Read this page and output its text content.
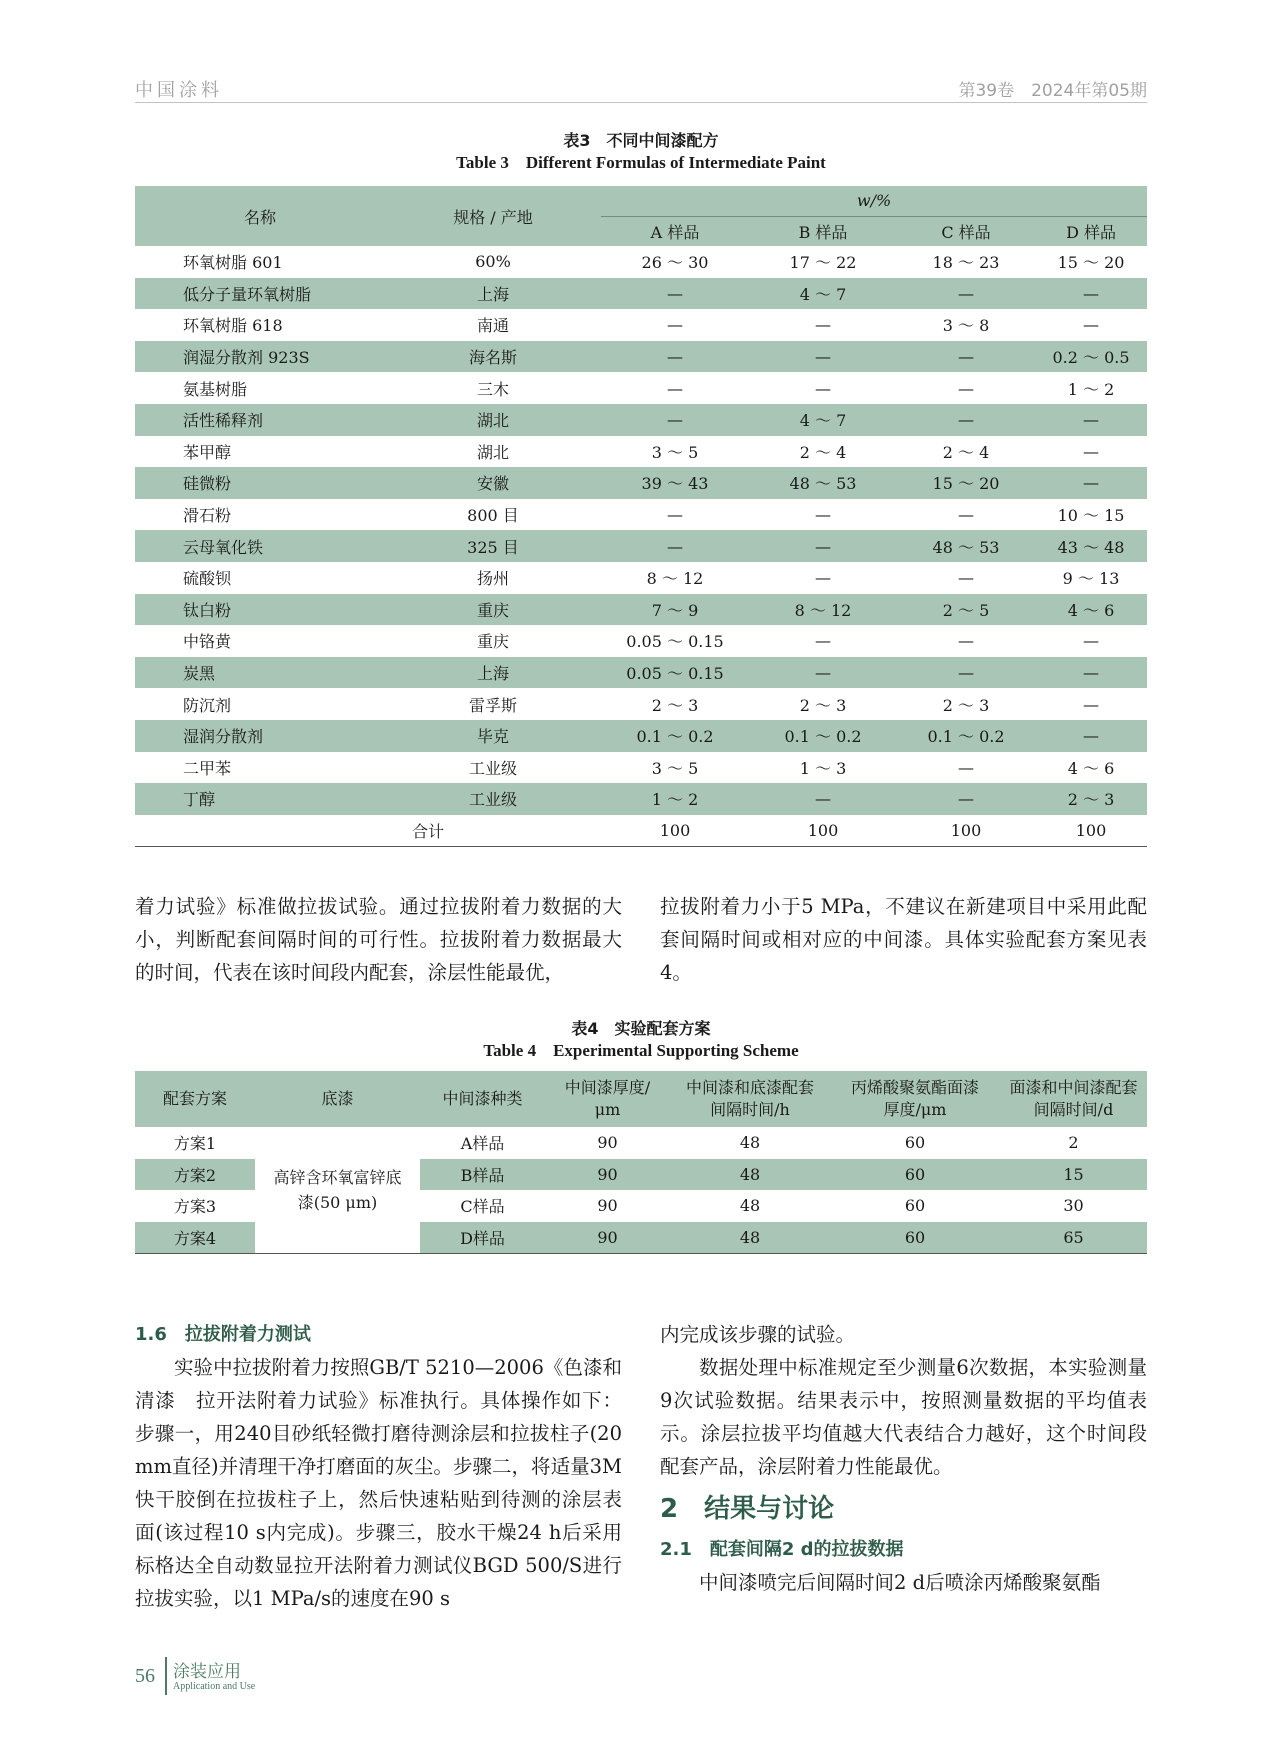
中国涂料	第39卷　2024年第05期
表3　不同中间漆配方
Table 3　Different Formulas of Intermediate Paint
名称	规格 / 产地	w/%			
		A 样品	B 样品	C 样品	D 样品
环氧树脂 601	60%	26 ～ 30	17 ～ 22	18 ～ 23	15 ～ 20
低分子量环氧树脂	上海	—	4 ～ 7	—	—
环氧树脂 618	南通	—	—	3 ～ 8	—
润湿分散剂 923S	海名斯	—	—	—	0.2 ～ 0.5
氨基树脂	三木	—	—	—	1 ～ 2
活性稀释剂	湖北	—	4 ～ 7	—	—
苯甲醇	湖北	3 ～ 5	2 ～ 4	2 ～ 4	—
硅微粉	安徽	39 ～ 43	48 ～ 53	15 ～ 20	—
滑石粉	800 目	—	—	—	10 ～ 15
云母氧化铁	325 目	—	—	48 ～ 53	43 ～ 48
硫酸钡	扬州	8 ～ 12	—	—	9 ～ 13
钛白粉	重庆	7 ～ 9	8 ～ 12	2 ～ 5	4 ～ 6
中铬黄	重庆	0.05 ～ 0.15	—	—	—
炭黑	上海	0.05 ～ 0.15	—	—	—
防沉剂	雷孚斯	2 ～ 3	2 ～ 3	2 ～ 3	—
湿润分散剂	毕克	0.1 ～ 0.2	0.1 ～ 0.2	0.1 ～ 0.2	—
二甲苯	工业级	3 ～ 5	1 ～ 3	—	4 ～ 6
丁醇	工业级	1 ～ 2	—	—	2 ～ 3
合计		100	100	100	100

着力试验》标准做拉拔试验。通过拉拔附着力数据的大小，判断配套间隔时间的可行性。拉拔附着力数据最大的时间，代表在该时间段内配套，涂层性能最优，

拉拔附着力小于5 MPa，不建议在新建项目中采用此配套间隔时间或相对应的中间漆。具体实验配套方案见表4。

表4　实验配套方案
Table 4　Experimental Supporting Scheme
配套方案	底漆	中间漆种类	中间漆厚度/μm	中间漆和底漆配套间隔时间/h	丙烯酸聚氨酯面漆厚度/μm	面漆和中间漆配套间隔时间/d
方案1	高锌含环氧富锌底漆(50 μm)	A样品	90	48	60	2
方案2		B样品	90	48	60	15
方案3		C样品	90	48	60	30
方案4		D样品	90	48	60	65
1.6　拉拔附着力测试

实验中拉拔附着力按照GB/T 5210—2006《色漆和清漆　拉开法附着力试验》标准执行。具体操作如下：步骤一，用240目砂纸轻微打磨待测涂层和拉拔柱子(20 mm直径)并清理干净打磨面的灰尘。步骤二，将适量3M快干胶倒在拉拔柱子上，然后快速粘贴到待测的涂层表面(该过程10 s内完成)。步骤三，胶水干燥24 h后采用标格达全自动数显拉开法附着力测试仪BGD 500/S进行拉拔实验，以1 MPa/s的速度在90 s

内完成该步骤的试验。

数据处理中标准规定至少测量6次数据，本实验测量9次试验数据。结果表示中，按照测量数据的平均值表示。涂层拉拔平均值越大代表结合力越好，这个时间段配套产品，涂层附着力性能最优。

2　结果与讨论
2.1　配套间隔2 d的拉拔数据

中间漆喷完后间隔时间2 d后喷涂丙烯酸聚氨酯

56 涂装应用
Application and Use
